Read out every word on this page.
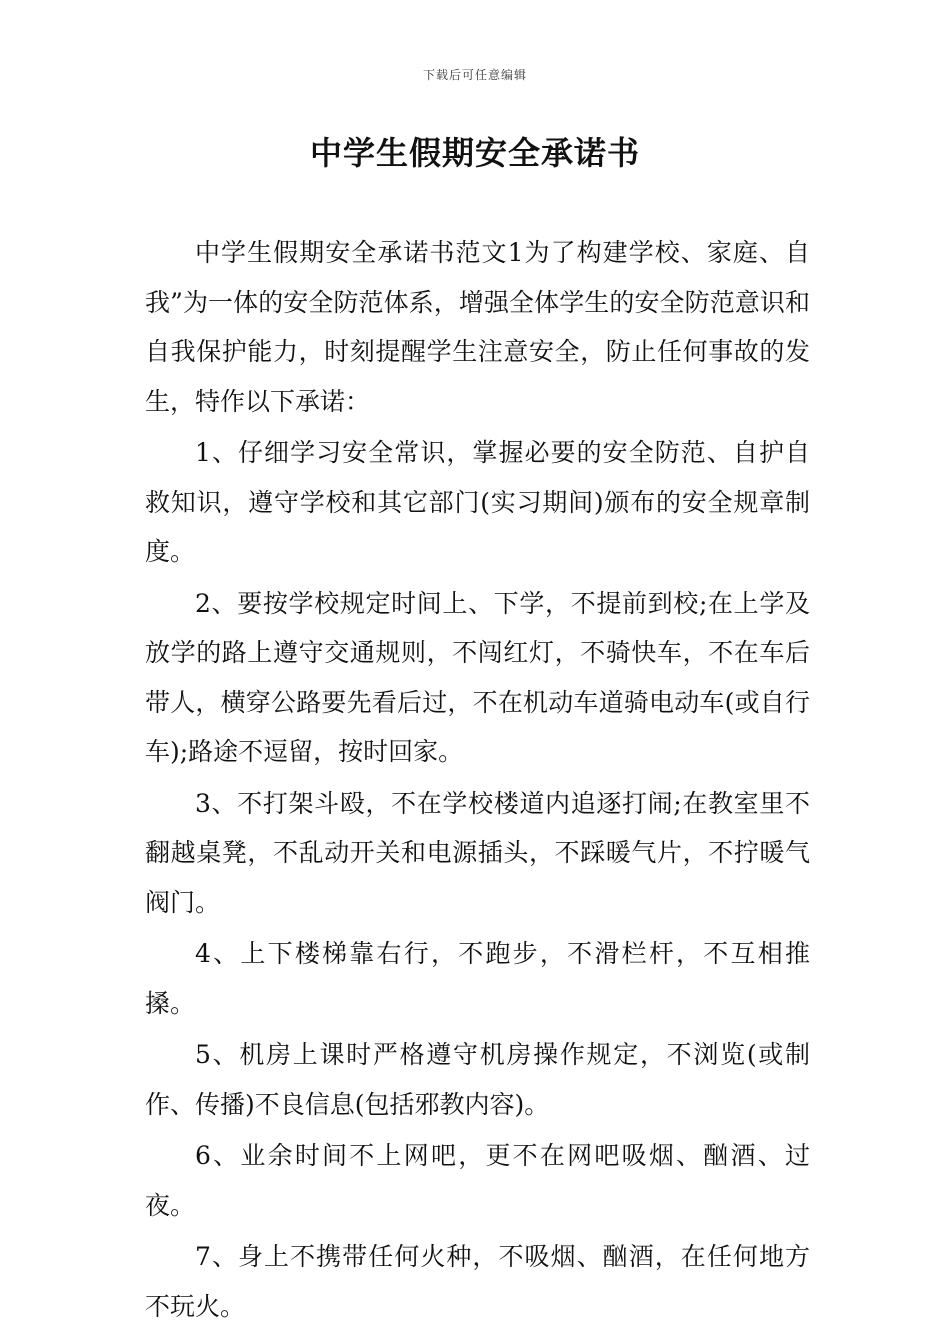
下载后可任意编辑
中学生假期安全承诺书

中学生假期安全承诺书范文1为了构建学校、家庭、自我”为一体的安全防范体系，增强全体学生的安全防范意识和自我保护能力，时刻提醒学生注意安全，防止任何事故的发生，特作以下承诺：

1、仔细学习安全常识，掌握必要的安全防范、自护自救知识，遵守学校和其它部门(实习期间)颁布的安全规章制度。

2、要按学校规定时间上、下学，不提前到校;在上学及放学的路上遵守交通规则，不闯红灯，不骑快车，不在车后带人，横穿公路要先看后过，不在机动车道骑电动车(或自行车);路途不逗留，按时回家。

3、不打架斗殴，不在学校楼道内追逐打闹;在教室里不翻越桌凳，不乱动开关和电源插头，不踩暖气片，不拧暖气阀门。

4、上下楼梯靠右行，不跑步，不滑栏杆，不互相推搡。

5、机房上课时严格遵守机房操作规定，不浏览(或制作、传播)不良信息(包括邪教内容)。

6、业余时间不上网吧，更不在网吧吸烟、酗酒、过夜。

7、身上不携带任何火种，不吸烟、酗酒，在任何地方不玩火。
